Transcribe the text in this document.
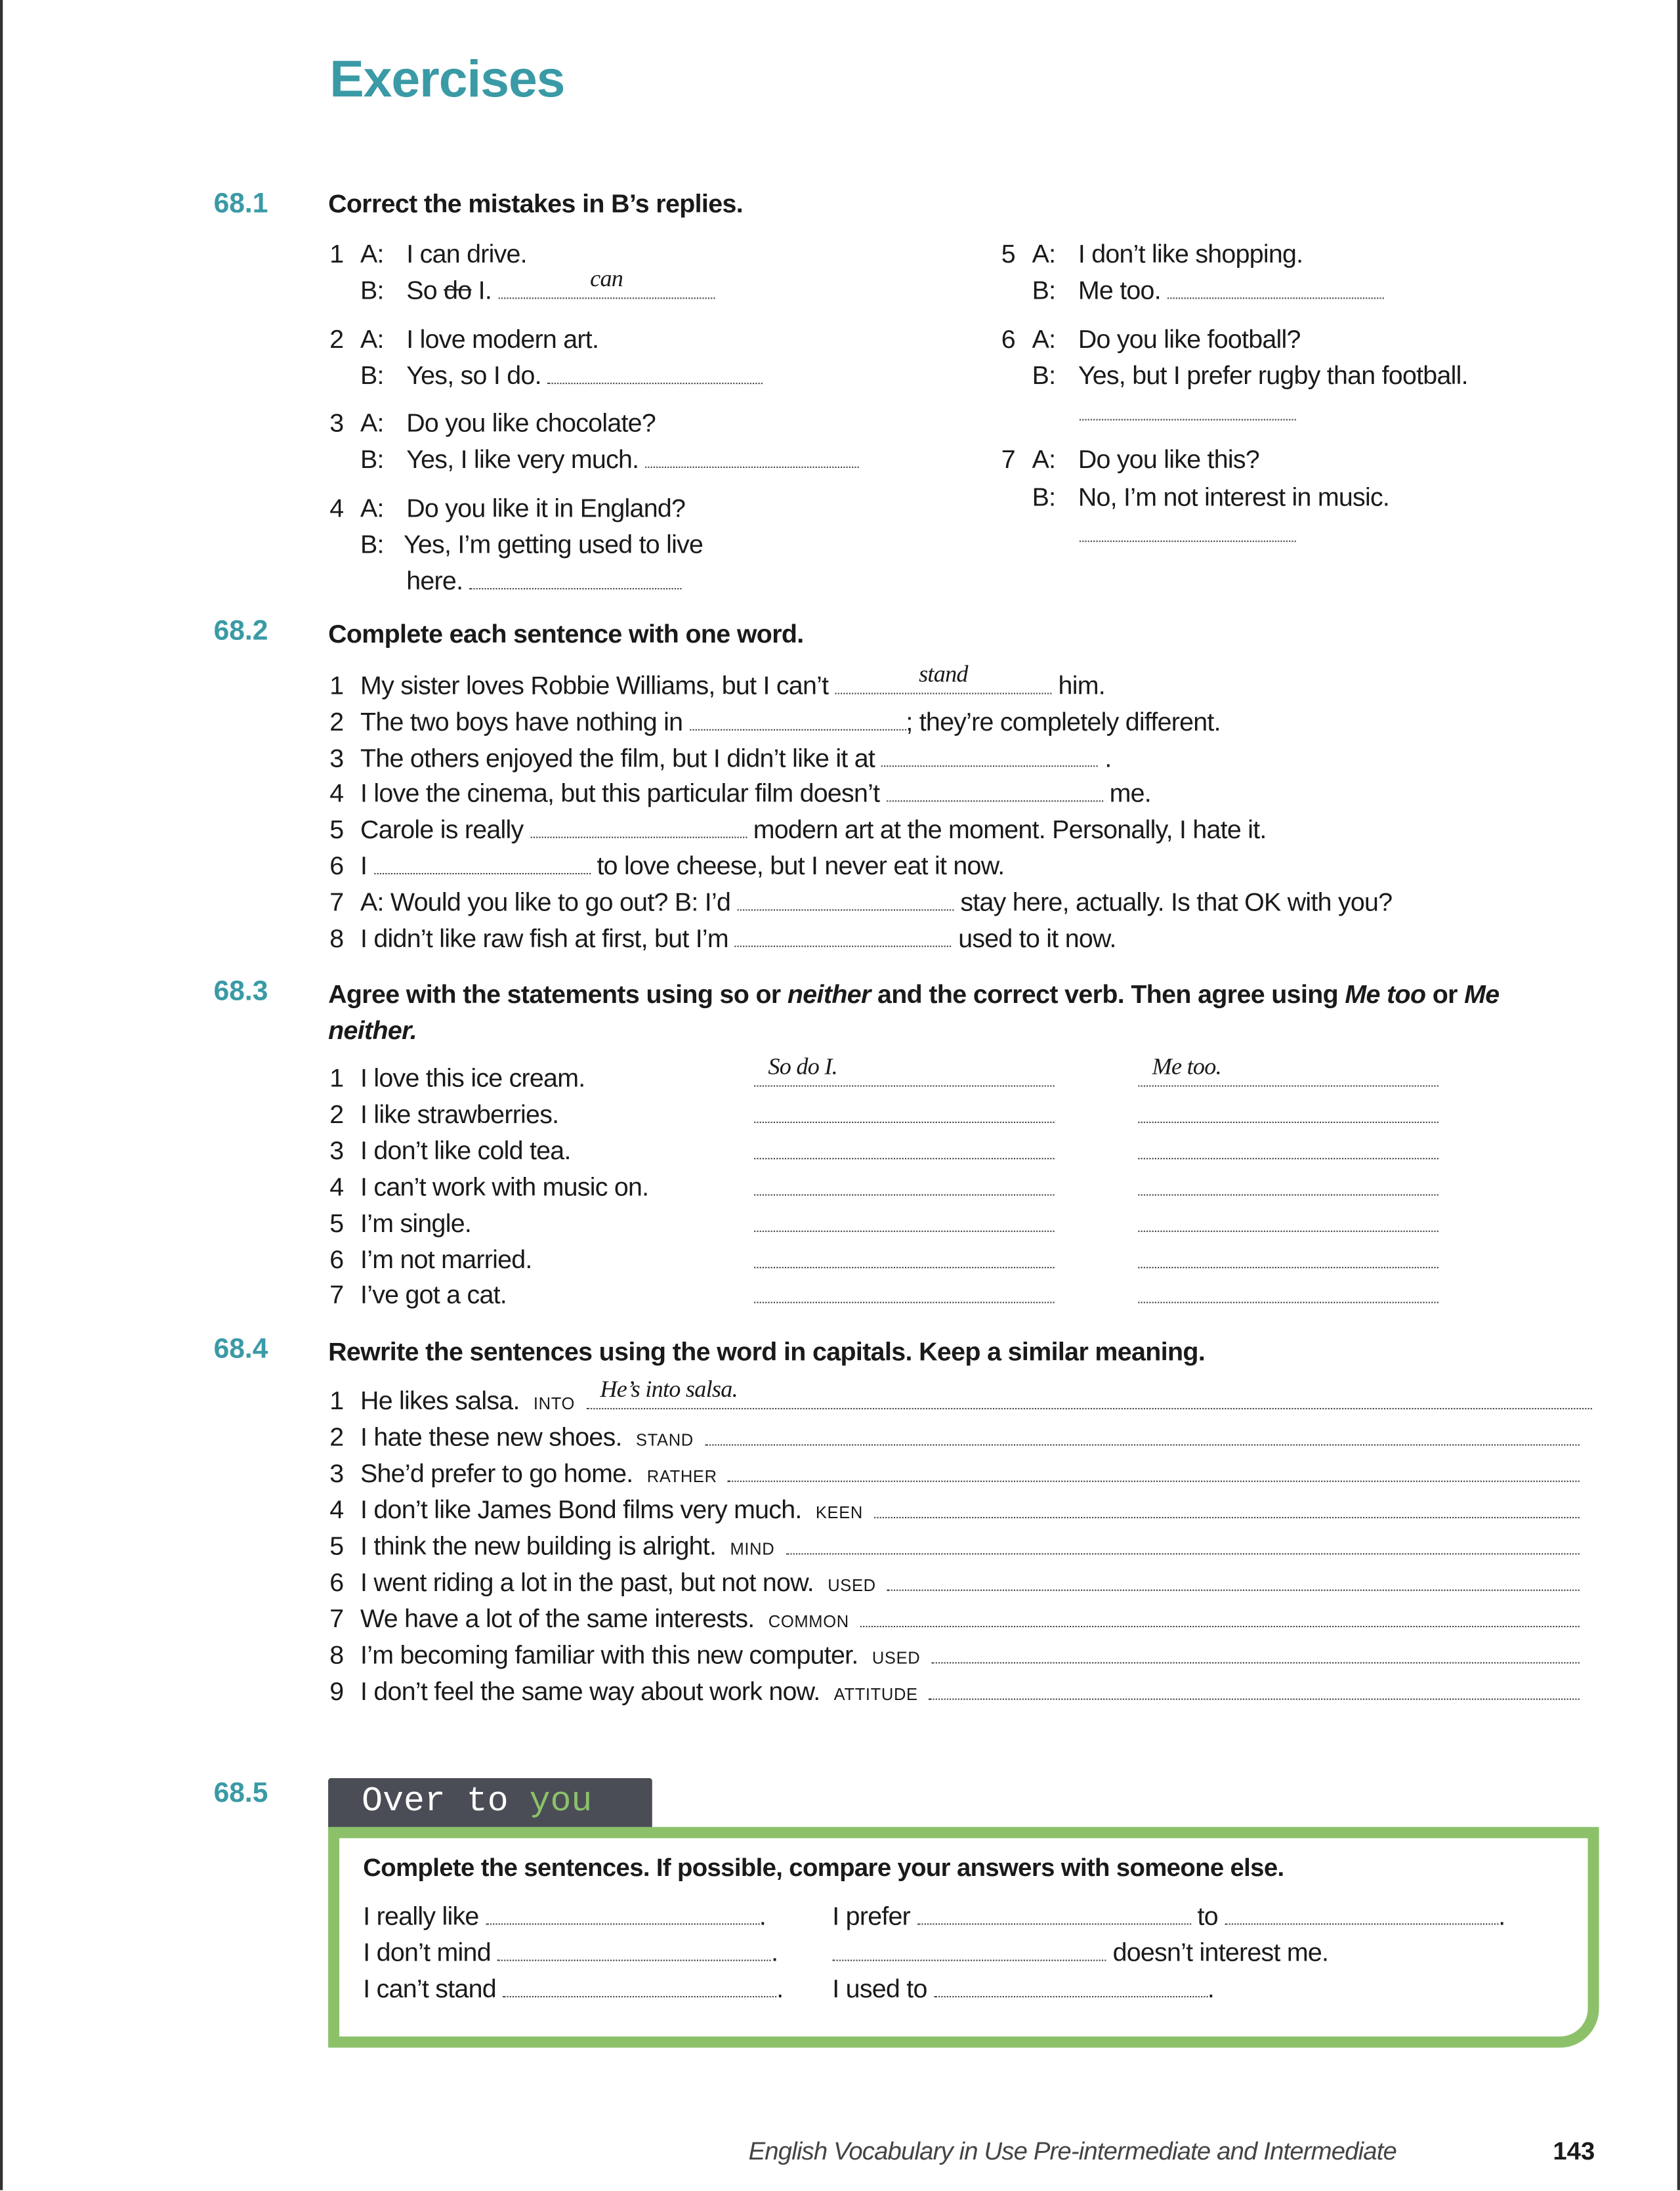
Exercises
68.1	Correct the mistakes in B’s replies.
1	A:	I can drive.
B:	So do I.
	can
2	A:	I love modern art.
B:	Yes, so I do.

3	A:	Do you like chocolate?
B:	Yes, I like very much.

4	A:	Do you like it in England?
B:	Yes, I’m getting used to live
here.

5	A:	I don’t like shopping.
B:	Me too.

6	A:	Do you like football?
B:	Yes, but I prefer rugby than football.
7	A:	Do you like this?
B:	No, I’m not interest in music.
68.2	Complete each sentence with one word.
1	My sister loves Robbie Williams, but I can’t	stand	him.
2	The two boys have nothing in	; they’re completely different.
3	The others enjoyed the film, but I didn’t like it at	.
4	I love the cinema, but this particular film doesn’t	me.
5	Carole is really	modern art at the moment. Personally, I hate it.
6	I	to love cheese, but I never eat it now.
7	A: Would you like to go out? B: I’d	stay here, actually. Is that OK with you?
8	I didn’t like raw fish at first, but I’m	used to it now.
68.3	Agree with the statements using so or neither and the correct verb. Then agree using Me too or Me neither.
1	I love this ice cream.	So do I.	Me too.
2	I like strawberries.
3	I don’t like cold tea.
4	I can’t work with music on.
5	I’m single.
6	I’m not married.
7	I’ve got a cat.
68.4	Rewrite the sentences using the word in capitals. Keep a similar meaning.
1	He likes salsa. INTO
He’s into salsa.
2	I hate these new shoes. STAND
3	She’d prefer to go home. RATHER
4	I don’t like James Bond films very much. KEEN
5	I think the new building is alright. MIND
6	I went riding a lot in the past, but not now. USED
7	We have a lot of the same interests. COMMON
8	I’m becoming familiar with this new computer. USED
9	I don’t feel the same way about work now. ATTITUDE
68.5	Over to you
Complete the sentences. If possible, compare your answers with someone else.
I really like
	.	I prefer

	to
	.
I don’t mind
	.
	doesn’t interest me.
I can’t stand
	.	I used to
	.
English Vocabulary in Use Pre-intermediate and Intermediate	143
